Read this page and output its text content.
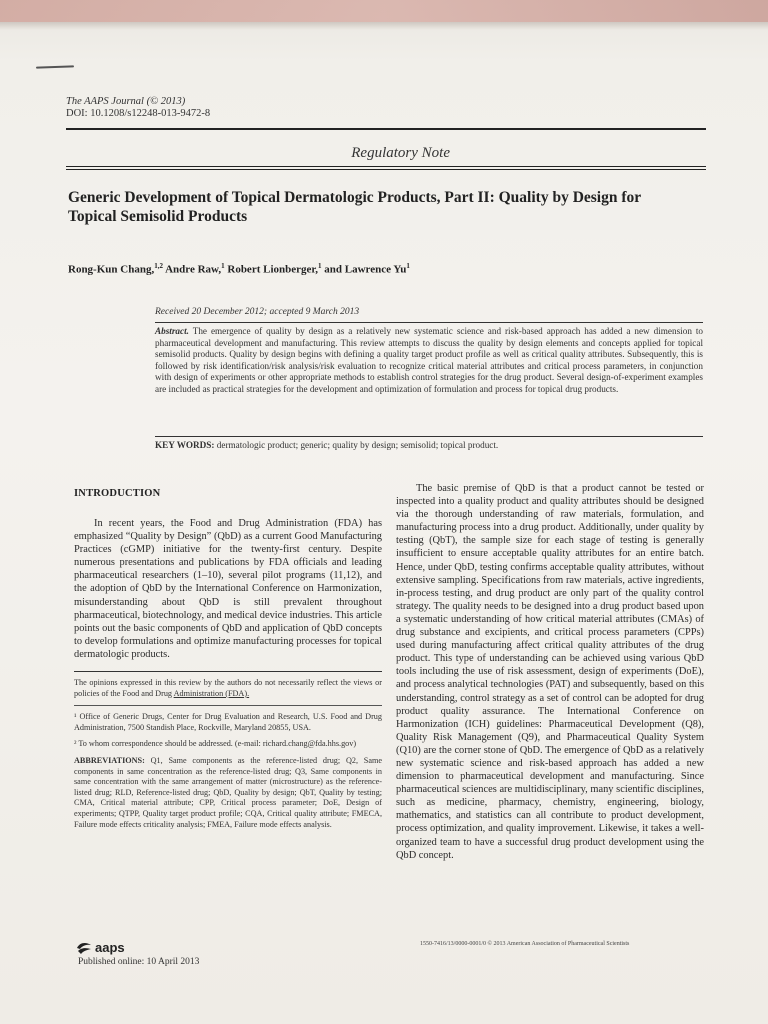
The AAPS Journal (© 2013)
DOI: 10.1208/s12248-013-9472-8
Regulatory Note
Generic Development of Topical Dermatologic Products, Part II: Quality by Design for Topical Semisolid Products
Rong-Kun Chang,$^{1,2}$ Andre Raw,$^1$ Robert Lionberger,$^1$ and Lawrence Yu$^1$
Received 20 December 2012; accepted 9 March 2013
Abstract. The emergence of quality by design as a relatively new systematic science and risk-based approach has added a new dimension to pharmaceutical development and manufacturing. This review attempts to discuss the quality by design elements and concepts applied for topical semisolid products. Quality by design begins with defining a quality target product profile as well as critical quality attributes. Subsequently, this is followed by risk identification/risk analysis/risk evaluation to recognize critical material attributes and critical process parameters, in conjunction with design of experiments or other appropriate methods to establish control strategies for the drug product. Several design-of-experiment examples are included as practical strategies for the development and optimization of formulation and process for topical drug products.
KEY WORDS: dermatologic product; generic; quality by design; semisolid; topical product.
INTRODUCTION

In recent years, the Food and Drug Administration (FDA) has emphasized “Quality by Design” (QbD) as a current Good Manufacturing Practices (cGMP) initiative for the twenty-first century. Despite numerous presentations and publications by FDA officials and leading pharmaceutical researchers (1–10), several pilot programs (11,12), and the adoption of QbD by the International Conference on Harmonization, misunderstanding about QbD is still prevalent throughout pharmaceutical, biotechnology, and medical device industries. This article points out the basic components of QbD and application of QbD concepts to develop formulations and optimize manufacturing processes for topical dermatologic products.

The opinions expressed in this review by the authors do not necessarily reflect the views or policies of the Food and Drug Administration (FDA).

¹ Office of Generic Drugs, Center for Drug Evaluation and Research, U.S. Food and Drug Administration, 7500 Standish Place, Rockville, Maryland 20855, USA.

² To whom correspondence should be addressed. (e-mail: richard.chang@fda.hhs.gov)

ABBREVIATIONS: Q1, Same components as the reference-listed drug; Q2, Same components in same concentration as the reference-listed drug; Q3, Same components in same concentration with the same arrangement of matter (microstructure) as the reference-listed drug; RLD, Reference-listed drug; QbD, Quality by design; QbT, Quality by testing; CMA, Critical material attribute; CPP, Critical process parameter; DoE, Design of experiments; QTPP, Quality target product profile; CQA, Critical quality attribute; FMECA, Failure mode effects criticality analysis; FMEA, Failure mode effects analysis.

The basic premise of QbD is that a product cannot be tested or inspected into a quality product and quality attributes should be designed via the thorough understanding of raw materials, formulation, and manufacturing process into a drug product. Additionally, under quality by testing (QbT), the sample size for each stage of testing is generally insufficient to ensure acceptable quality attributes for an entire batch. Hence, under QbD, testing confirms acceptable quality attributes, without extensive sampling. Specifications from raw materials, active ingredients, in-process testing, and drug product are only part of the quality control strategy. The quality needs to be designed into a drug product based upon a systematic understanding of how critical material attributes (CMAs) of drug substance and excipients, and critical process parameters (CPPs) used during manufacturing affect critical quality attributes of the drug product. This type of understanding can be achieved using various QbD tools including the use of risk assessment, design of experiments (DoE), and process analytical technologies (PAT) and subsequently, based on this understanding, control strategy as a set of control can be adopted for drug product quality assurance. The International Conference on Harmonization (ICH) guidelines: Pharmaceutical Development (Q8), Quality Risk Management (Q9), and Pharmaceutical Quality System (Q10) are the corner stone of QbD. The emergence of QbD as a relatively new systematic science and risk-based approach has added a new dimension to pharmaceutical development and manufacturing. Since pharmaceutical sciences are multidisciplinary, many scientific disciplines, such as medicine, pharmacy, chemistry, engineering, biology, mathematics, and statistics can all contribute to product development, process optimization, and quality improvement. Likewise, it takes a well-organized team to have a successful drug product development using the QbD concept.

aaps
Published online: 10 April 2013
1550-7416/13/0000-0001/0 © 2013 American Association of Pharmaceutical Scientists
